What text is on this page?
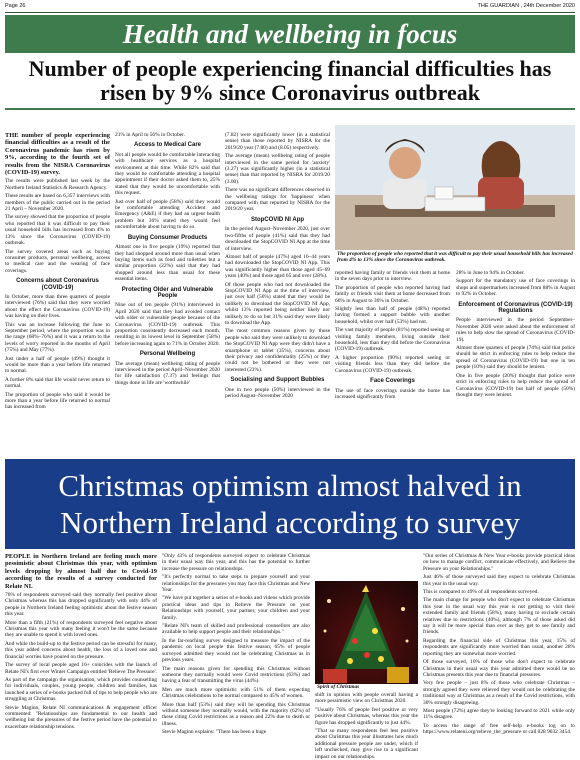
Page 26	THE GUARDIAN , 24th December 2020
Health and wellbeing in focus
Number of people experiencing financial difficulties has risen by 9% since Coronavirus outbreak

THE number of people experiencing financial difficulties as a result of the Coronavirus pandemic has risen by 9%, according to the fourth set of results from the NISRA Coronavirus (COVID-19) survey.

The results were published last week by the Northern Ireland Statistics & Research Agency.

These results are based on 6,357 interviews with members of the public carried out in the period 21 April – November 2020.

The survey showed that the proportion of people who reported that it was difficult to pay their usual household bills has increased from 4% to 13% since the Coronavirus (COVID-19) outbreak.

The survey covered areas such as buying consumer products, personal wellbeing, access to medical care and the wearing of face coverings.

Concerns about Coronavirus (COVID-19)

In October, more than three quarters of people interviewed (76%) said that they were worried about the effect the Coronavirus (COVID-19) was having on their lives.

This was an increase following the June to September period, where the proportion was in the range (68%–76%) and it was a return to the levels of worry reported in the months of April (75%) and May (77%).

Just under a half of people (49%) thought it would be more than a year before life returned to normal.

A further 8% said that life would never return to normal.

The proportion of people who said it would be more than a year before life returned to normal has increased from

21% in April to 56% in October.

Access to Medical Care

Not all people would be comfortable interacting with healthcare services as a hospital environment at this time. While 82% said that they would be comfortable attending a hospital appointment if their doctor asked them to, 25% stated that they would be uncomfortable with this request.

Just over half of people (58%) said they would be comfortable attending Accident and Emergency (A&E) if they had an urgent health problem but 36% stated they would feel uncomfortable about having to do so.

Buying Consumer Products

Almost one in five people (19%) reported that they had shopped around more than usual when buying items such as food and toiletries but a similar proportion (22%) said that they had shopped around less than usual for these essential items.

Protecting Older and Vulnerable People

Nine out of ten people (91%) interviewed in April 2020 said that they had avoided contact with older or vulnerable people because of the Coronavirus (COVID-19) outbreak. This proportion consistently decreased each month, resulting in its lowest level in September (58%) before increasing again to 71% in October 2020.

Personal Wellbeing

The average (mean) wellbeing rating of people interviewed in the period April–November 2020 for life satisfaction (7.37) and feelings that things done in life are 'worthwhile'

(7.82) were significantly lower (in a statistical sense) than those reported by NISRA for the 2019/20 year (7.80) and (8.05) respectively.

The average (mean) wellbeing rating of people interviewed in the same period for 'anxiety' (3.27) was significantly higher (in a statistical sense) than that reported by NISRA for 2019/20 (3.00).

There was no significant differences observed in the wellbeing ratings for 'happiness' when compared with that reported by NISRA for the 2019/20 year.

StopCOVID NI App

In the period August–November 2020, just over two-fifths of people (41%) said that they had downloaded the StopCOVID NI App at the time of interview.

Almost half of people (47%) aged 16–44 years had downloaded the StopCOVID NI App. This was significantly higher than those aged 45–69 years (40%) and those aged 65 and over (28%).

Of those people who had not downloaded the StopCOVID NI App at the time of interview, just over half (56%) stated that they would be unlikely to download the StopCOVID NI App, whilst 13% reported being neither likely nor unlikely to do so but 31% said they were likely to download the App.

The most common reasons given by those people who said they were unlikely to download the StopCOVID NI App were they didn't have a smartphone or tablet (35%), concerns about their privacy and confidentiality (25%) or they could not be bothered or they were not interested (23%).

Socialising and Support Bubbles

One in two people (50%) interviewed in the period August–November 2020

The proportion of people who reported that it was difficult to pay their usual household bills has increased from 4% to 13% since the Coronavirus outbreak.

reported having family or friends visit them at home in the seven days prior to interview.

The proportion of people who reported having had family or friends visit them at home decreased from 66% in August to 36% in October.

Slightly less than half of people (48%) reported having formed a support bubble with another household, whilst over half (53%) had not.

The vast majority of people (81%) reported seeing or visiting family members, living outside their household, less than they did before the Coronavirus (COVID-19) outbreak.

A higher proportion (90%) reported seeing or visiting friends less than they did before the Coronavirus (COVID-19) outbreak.

Face Coverings

The use of face coverings outside the home has increased significantly from

28% in June to 94% in October.

Support for the mandatory use of face coverings in shops and supermarkets increased from 88% in August to 92% in October.

Enforcement of Coronavirus (COVID-19) Regulations

People interviewed in the period September–November 2020 were asked about the enforcement of rules to help slow the spread of Coronavirus (COVID-19).

Almost three quarters of people (74%) said that police should be strict in enforcing rules to help reduce the spread of Coronavirus (COVID-19) but one in ten people (10%) said they should be lenient.

One in five people (20%) thought that police were strict in enforcing rules to help reduce the spread of Coronavirus (COVID-19) but half of people (50%) thought they were lenient.

Christmas optimism almost halved in
Northern Ireland according to survey

PEOPLE in Northern Ireland are feeling much more pessimistic about Christmas this year, with optimism levels dropping by almost half due to Covid-19 according to the results of a survey conducted for Relate NI.

76% of respondents surveyed said they normally feel positive about Christmas whereas this has dropped significantly with only 44% of people in Northern Ireland feeling optimistic about the festive season this year.

More than a fifth (21%) of respondents surveyed feel negative about Christmas this year with many feeling it won't be the same because they are unable to spend it with loved ones.

And while the build-up to the festive period can be stressful for many, this year added concerns about health, the loss of a loved one and financial worries have poured on the pressure.

The survey of local people aged 16+ coincides with the launch of Relate NI's first ever Winter Campaign entitled 'Relieve The Pressure'.

As part of the campaign the organisation, which provides counselling for individuals, couples, young people, children and families, has launched a series of e-books packed full of tips to help people who are struggling at Christmas.

Stevie Maginn, Relate NI communications & engagement officer commented: "Relationships are fundamental to our health and wellbeing but the pressures of the festive period have the potential to exacerbate relationship tensions.

"Only 43% of respondents surveyed expect to celebrate Christmas in their usual way this year, and this has the potential to further increase the pressure on relationships.

"It's perfectly normal to take steps to prepare yourself and your relationships for the pressures you may face this Christmas and New Year.

"We have put together a series of e-books and videos which provide practical ideas and tips to Relieve the Pressure on your Relationships with yourself, your partner, your children and your family.

"Relate NI's team of skilled and professional counsellors are also available to help support people and their relationships."

In the far-reaching survey designed to measure the impact of the pandemic on local people this festive season, 65% of people surveyed admitted they would not be celebrating Christmas as in previous years.

The main reasons given for spending this Christmas without someone they normally would were Covid restrictions (63%) and having a fear of transmitting the virus (44%).

Men are much more optimistic with 51% of them expecting Christmas celebrations to be normal compared to 45% of women.

More than half (53%) said they will be spending this Christmas without someone they normally would, with the majority (62%) of these citing Covid restrictions as a reason and 22% due to death or illness.

Stevie Maginn explains: "There has been a huge

Spirit of Christmas

shift in opinion with people overall having a more pessimistic view on Christmas 2020.

"Usually 76% of people feel positive or very positive about Christmas, whereas this year the figure has dropped significantly to just 44%.

"That so many respondents feel less positive about Christmas this year illustrates how much additional pressure people are under, which if left unchecked, may give rise to a significant impact on our relationships.

"Our series of Christmas & New Year e-books provide practical ideas on how to manage conflict, communicate effectively, and Relieve the Pressure on your Relationships."

Just 46% of those surveyed said they expect to celebrate Christmas this year in the usual way.

This is compared to 49% of all respondents surveyed.

The main change for people who don't expect to celebrate Christmas this year in the usual way this year is not getting to visit their extended family and friends (58%), many having to exclude certain relatives due to restrictions (40%), although 7% of those asked did say it will be more special than ever as they get to see family and friends.

Regarding the financial side of Christmas this year, 15% of respondents are significantly more worried than usual, another 28% reporting they are somewhat more worried.

Of those surveyed, 10% of those who don't expect to celebrate Christmas in their usual way this year admitted there would be no Christmas presents this year due to financial pressures.

Very few people – just 8% of those who celebrate Christmas – strongly agreed they were relieved they would not be celebrating the traditional way at Christmas as a result of the Covid restrictions, with 30% strongly disagreeing.

Most people (72%) agree they're looking forward to 2021 while only 11% disagree.

To access the range of free self-help e-books log on to https://www.relateni.org/relieve_the_pressure or call 028 9032 3454.
